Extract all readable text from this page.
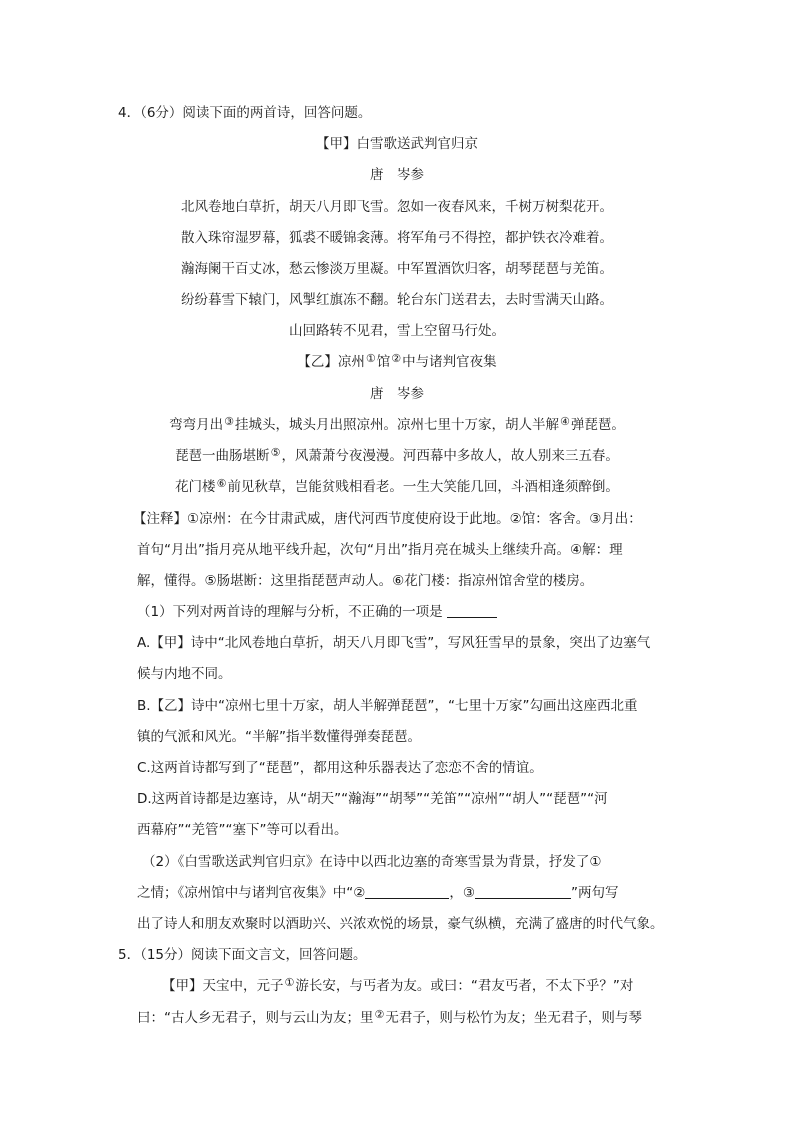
4．（6分）阅读下面的两首诗，回答问题。
【甲】白雪歌送武判官归京
唐　岑参
北风卷地白草折，胡天八月即飞雪。忽如一夜春风来，千树万树梨花开。
散入珠帘湿罗幕，狐裘不暖锦衾薄。将军角弓不得控，都护铁衣冷难着。
瀚海阑干百丈冰，愁云惨淡万里凝。中军置酒饮归客，胡琴琵琶与羌笛。
纷纷暮雪下辕门，风掣红旗冻不翻。轮台东门送君去，去时雪满天山路。
山回路转不见君，雪上空留马行处。
【乙】凉州①馆②中与诸判官夜集
唐　岑参
弯弯月出③挂城头，城头月出照凉州。凉州七里十万家，胡人半解④弹琵琶。
琵琶一曲肠堪断⑤，风萧萧兮夜漫漫。河西幕中多故人，故人别来三五春。
花门楼⑥前见秋草，岂能贫贱相看老。一生大笑能几回，斗酒相逢须醉倒。
【注释】①凉州：在今甘肃武威，唐代河西节度使府设于此地。②馆：客舍。③月出：
首句“月出”指月亮从地平线升起，次句“月出”指月亮在城头上继续升高。④解：理
解，懂得。⑤肠堪断：这里指琵琶声动人。⑥花门楼：指凉州馆舍堂的楼房。
（1）下列对两首诗的理解与分析，不正确的一项是
A.【甲】诗中“北风卷地白草折，胡天八月即飞雪”，写风狂雪早的景象，突出了边塞气
候与内地不同。
B.【乙】诗中“凉州七里十万家，胡人半解弹琵琶”，“七里十万家”勾画出这座西北重
镇的气派和风光。“半解”指半数懂得弹奏琵琶。
C.这两首诗都写到了“琵琶”，都用这种乐器表达了恋恋不舍的情谊。
D.这两首诗都是边塞诗，从“胡天”“瀚海”“胡琴”“羌笛”“凉州”“胡人”“琵琶”“河
西幕府”“羌管”“塞下”等可以看出。
（2）《白雪歌送武判官归京》在诗中以西北边塞的奇寒雪景为背景，抒发了①
之情；《凉州馆中与诸判官夜集》中“②	，③	”两句写
出了诗人和朋友欢聚时以酒助兴、兴浓欢悦的场景，豪气纵横，充满了盛唐的时代气象。
5．（15分）阅读下面文言文，回答问题。
【甲】天宝中，元子①游长安，与丐者为友。或曰：“君友丐者，不太下乎？”对
曰：“古人乡无君子，则与云山为友；里②无君子，则与松竹为友；坐无君子，则与琴
